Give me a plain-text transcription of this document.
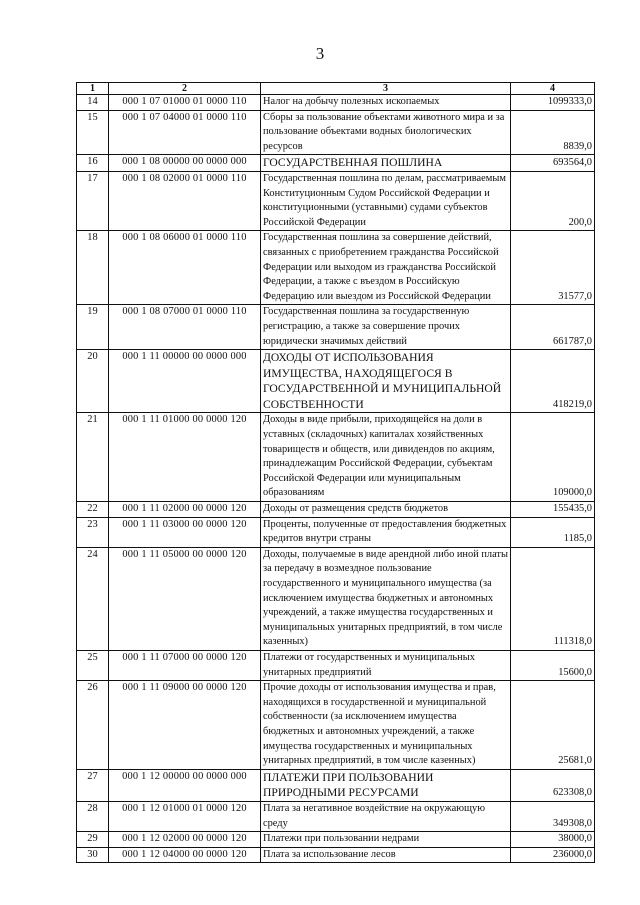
3
1	2	3	4
14	000 1 07 01000 01 0000 110	Налог на добычу полезных ископаемых	1099333,0
15	000 1 07 04000 01 0000 110	Сборы за пользование объектами животного мира и за пользование объектами водных биологических ресурсов	8839,0
16	000 1 08 00000 00 0000 000	ГОСУДАРСТВЕННАЯ ПОШЛИНА	693564,0
17	000 1 08 02000 01 0000 110	Государственная пошлина по делам, рассматриваемым Конституционным Судом Российской Федерации и конституционными (уставными) судами субъектов Российской Федерации	200,0
18	000 1 08 06000 01 0000 110	Государственная пошлина за совершение действий, связанных с приобретением гражданства Российской Федерации или выходом из гражданства Российской Федерации, а также с въездом в Российскую Федерацию или выездом из Российской Федерации	31577,0
19	000 1 08 07000 01 0000 110	Государственная пошлина за государственную регистрацию, а также за совершение прочих юридически значимых действий	661787,0
20	000 1 11 00000 00 0000 000	ДОХОДЫ ОТ ИСПОЛЬЗОВАНИЯ ИМУЩЕСТВА, НАХОДЯЩЕГОСЯ В ГОСУДАРСТВЕННОЙ И МУНИЦИПАЛЬНОЙ СОБСТВЕННОСТИ	418219,0
21	000 1 11 01000 00 0000 120	Доходы в виде прибыли, приходящейся на доли в уставных (складочных) капиталах хозяйственных товариществ и обществ, или дивидендов по акциям, принадлежащим Российской Федерации, субъектам Российской Федерации или муниципальным образованиям	109000,0
22	000 1 11 02000 00 0000 120	Доходы от размещения средств бюджетов	155435,0
23	000 1 11 03000 00 0000 120	Проценты, полученные от предоставления бюджетных кредитов внутри страны	1185,0
24	000 1 11 05000 00 0000 120	Доходы, получаемые в виде арендной либо иной платы за передачу в возмездное пользование государственного и муниципального имущества (за исключением имущества бюджетных и автономных учреждений, а также имущества государственных и муниципальных унитарных предприятий, в том числе казенных)	111318,0
25	000 1 11 07000 00 0000 120	Платежи от государственных и муниципальных унитарных предприятий	15600,0
26	000 1 11 09000 00 0000 120	Прочие доходы от использования имущества и прав, находящихся в государственной и муниципальной собственности (за исключением имущества бюджетных и автономных учреждений, а также имущества государственных и муниципальных унитарных предприятий, в том числе казенных)	25681,0
27	000 1 12 00000 00 0000 000	ПЛАТЕЖИ ПРИ ПОЛЬЗОВАНИИ ПРИРОДНЫМИ РЕСУРСАМИ	623308,0
28	000 1 12 01000 01 0000 120	Плата за негативное воздействие на окружающую среду	349308,0
29	000 1 12 02000 00 0000 120	Платежи при пользовании недрами	38000,0
30	000 1 12 04000 00 0000 120	Плата за использование лесов	236000,0
